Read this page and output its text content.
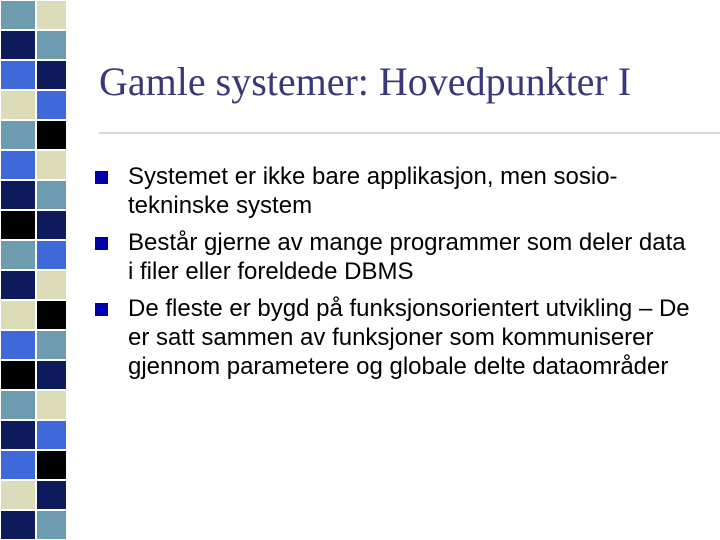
Gamle systemer: Hovedpunkter I
Systemet er ikke bare applikasjon, men sosio-tekninske system
Består gjerne av mange programmer som deler data i filer eller foreldede DBMS
De fleste er bygd på funksjonsorientert utvikling – De er satt sammen av funksjoner som kommuniserer gjennom parametere og globale delte dataområder
